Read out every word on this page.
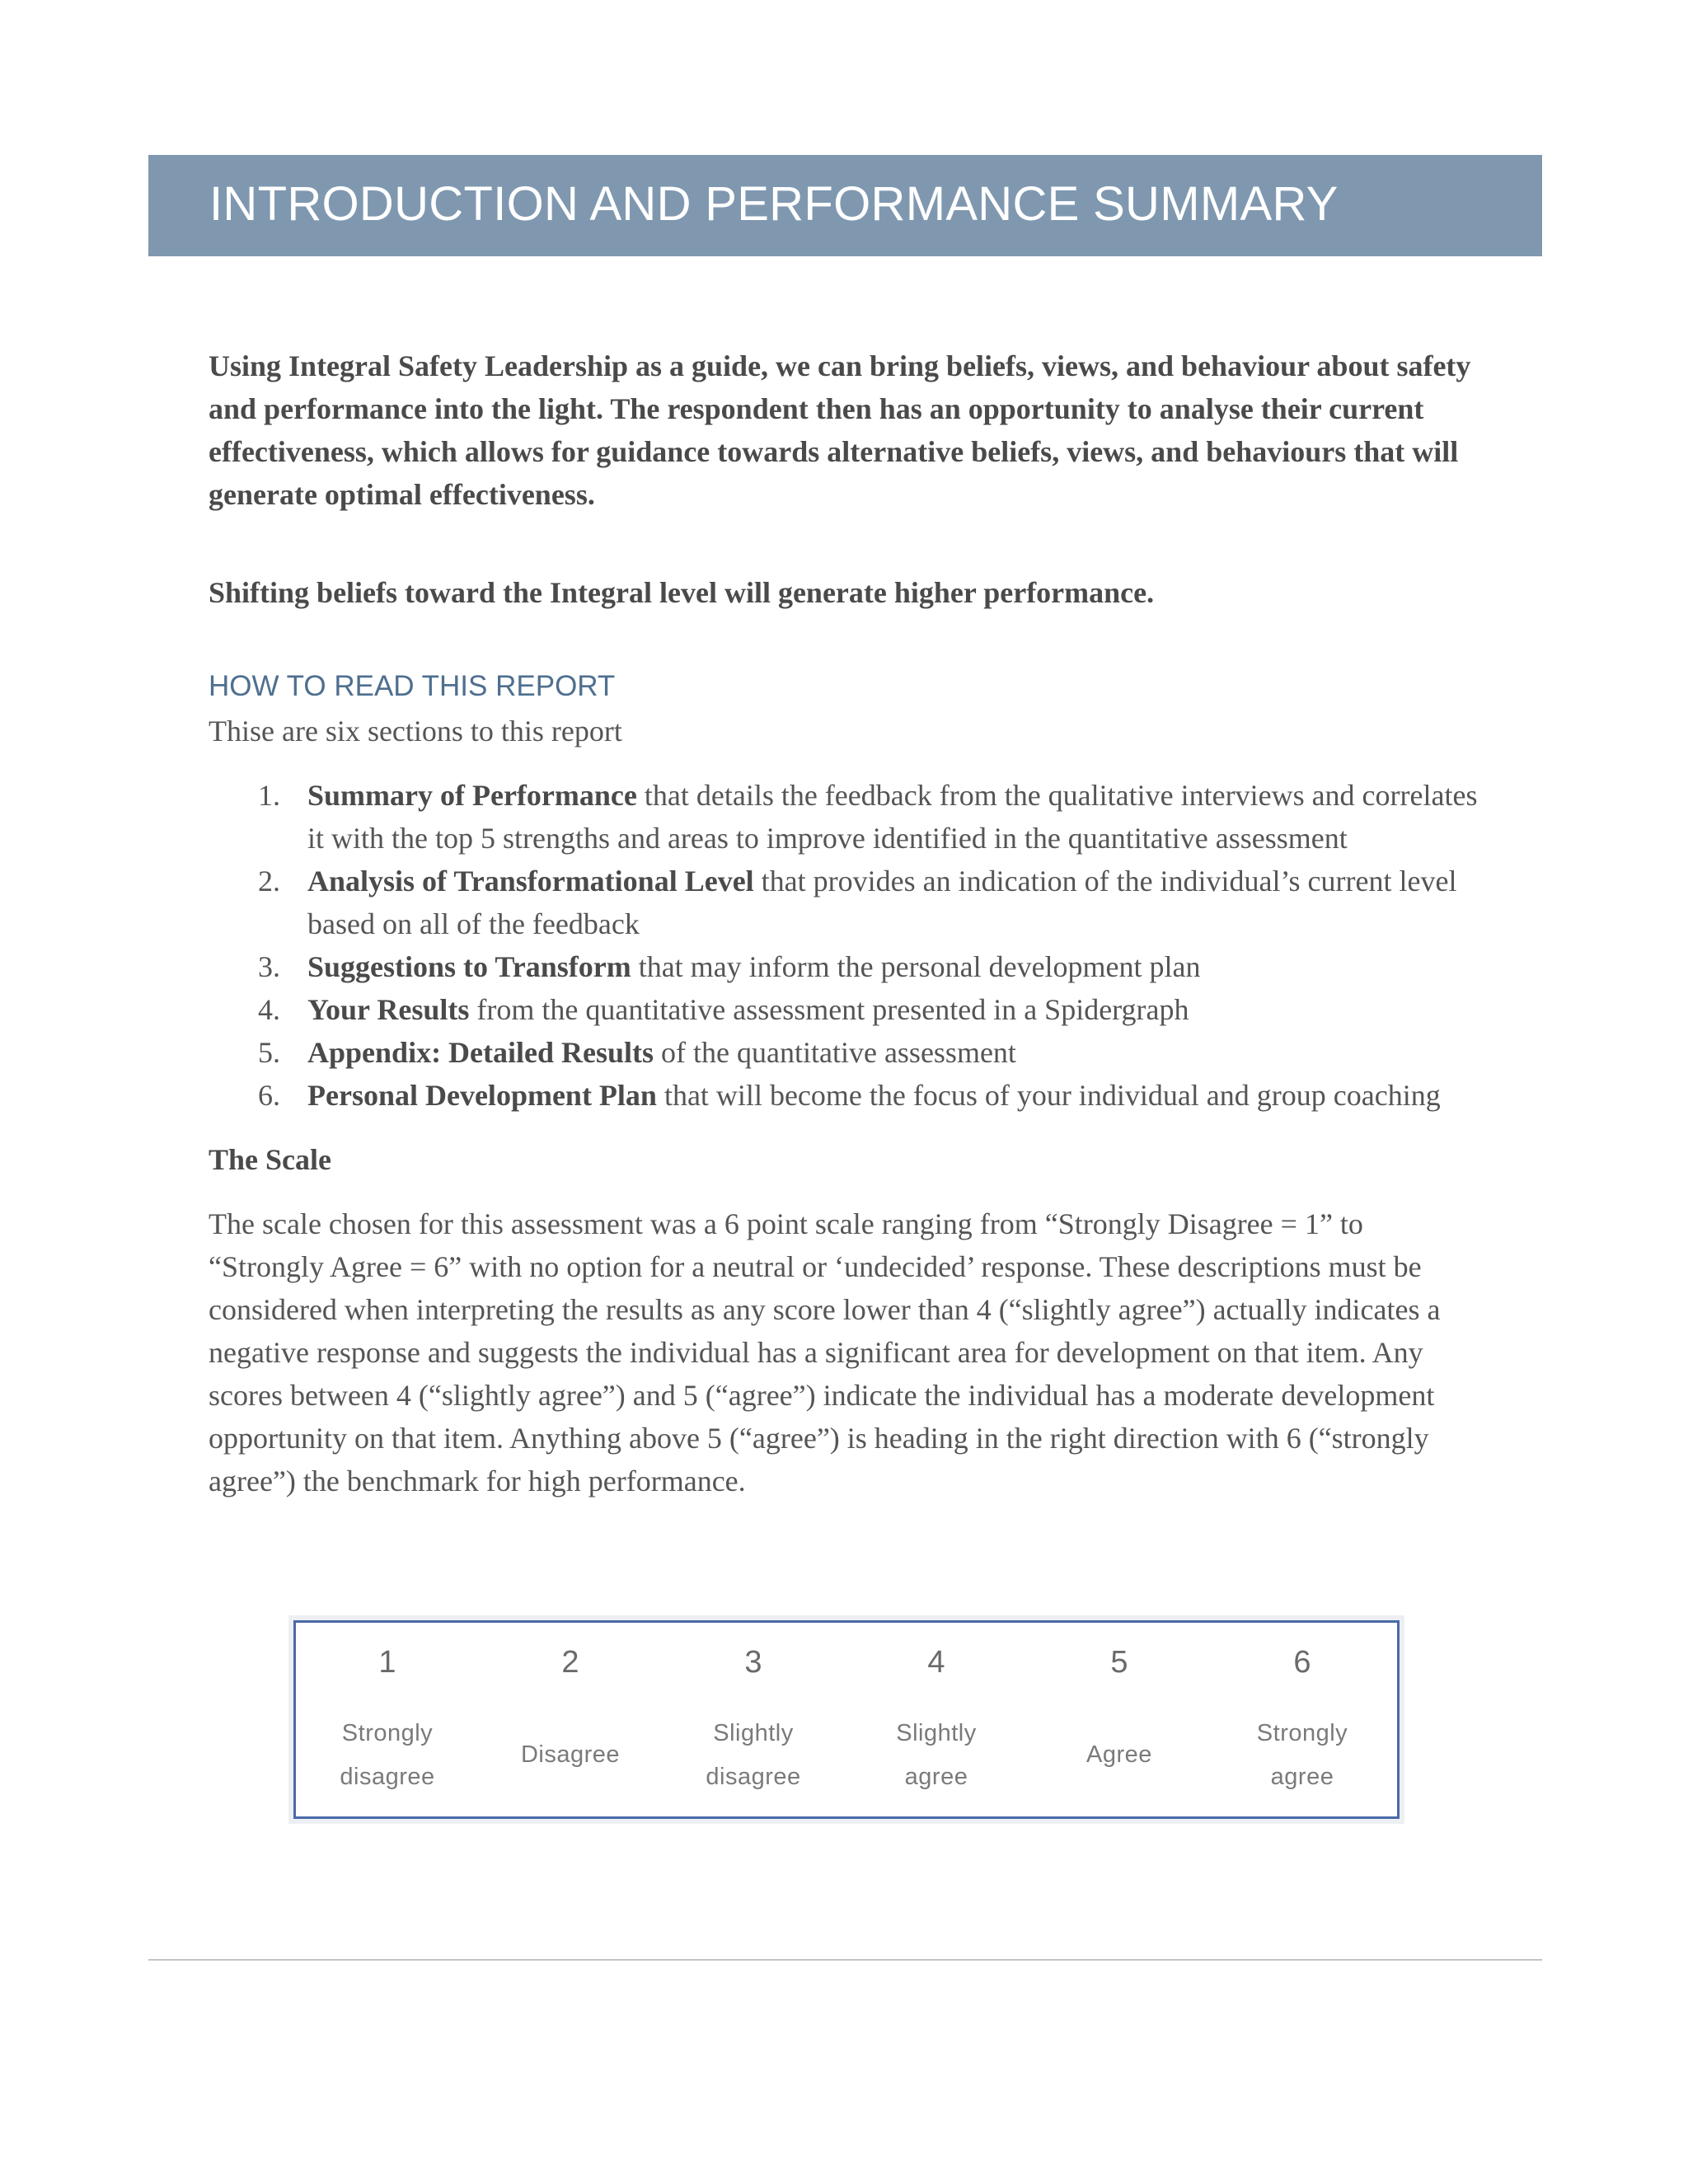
INTRODUCTION AND PERFORMANCE SUMMARY

Using Integral Safety Leadership as a guide, we can bring beliefs, views, and behaviour about safety and performance into the light. The respondent then has an opportunity to analyse their current effectiveness, which allows for guidance towards alternative beliefs, views, and behaviours that will generate optimal effectiveness.

Shifting beliefs toward the Integral level will generate higher performance.

HOW TO READ THIS REPORT

Thise are six sections to this report

1. Summary of Performance that details the feedback from the qualitative interviews and correlates it with the top 5 strengths and areas to improve identified in the quantitative assessment
2. Analysis of Transformational Level that provides an indication of the individual’s current level based on all of the feedback
3. Suggestions to Transform that may inform the personal development plan
4. Your Results from the quantitative assessment presented in a Spidergraph
5. Appendix: Detailed Results of the quantitative assessment
6. Personal Development Plan that will become the focus of your individual and group coaching
The Scale

The scale chosen for this assessment was a 6 point scale ranging from “Strongly Disagree = 1” to “Strongly Agree = 6” with no option for a neutral or ‘undecided’ response. These descriptions must be considered when interpreting the results as any score lower than 4 (“slightly agree”) actually indicates a negative response and suggests the individual has a significant area for development on that item. Any scores between 4 (“slightly agree”) and 5 (“agree”) indicate the individual has a moderate development opportunity on that item. Anything above 5 (“agree”) is heading in the right direction with 6 (“strongly agree”) the benchmark for high performance.

1
Strongly
disagree
2
Disagree
3
Slightly
disagree
4
Slightly
agree
5
Agree
6
Strongly
agree
